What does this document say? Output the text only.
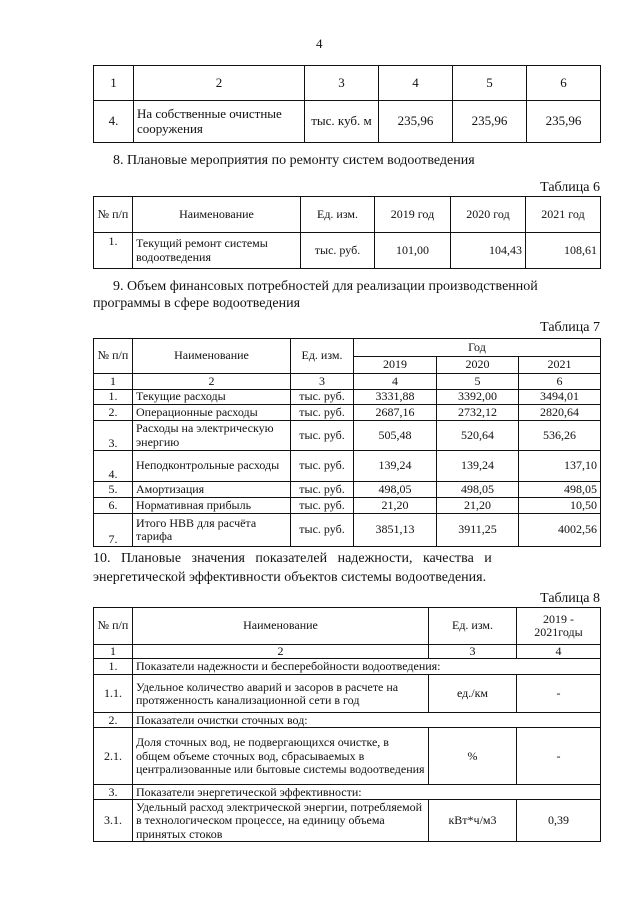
4
1	2	3	4	5	6
4.	На собственные очистные сооружения	тыс. куб. м	235,96	235,96	235,96
8. Плановые мероприятия по ремонту систем водоотведения
Таблица 6
№ п/п	Наименование	Ед. изм.	2019 год	2020 год	2021 год
1.	Текущий ремонт системы водоотведения	тыс. руб.	101,00	104,43	108,61
9. Объем финансовых потребностей для реализации производственной
программы в сфере водоотведения
Таблица 7
№ п/п	Наименование	Ед. изм.	Год		
			2019	2020	2021
1	2	3	4	5	6
1.	Текущие расходы	тыс. руб.	3331,88	3392,00	3494,01
2.	Операционные расходы	тыс. руб.	2687,16	2732,12	2820,64
3.	Расходы на электрическую энергию	тыс. руб.	505,48	520,64	536,26
4.	Неподконтрольные расходы	тыс. руб.	139,24	139,24	137,10
5.	Амортизация	тыс. руб.	498,05	498,05	498,05
6.	Нормативная прибыль	тыс. руб.	21,20	21,20	10,50
7.	Итого НВВ для расчёта тарифа	тыс. руб.	3851,13	3911,25	4002,56
10.   Плановые   значения   показателей   надежности,   качества   и
энергетической эффективности объектов системы водоотведения.
Таблица 8
№ п/п	Наименование	Ед. изм.	2019 - 2021годы
1	2	3	4
1.	Показатели надежности и бесперебойности водоотведения:		
1.1.	Удельное количество аварий и засоров в расчете на протяженность канализационной сети в год	ед./км	-
2.	Показатели очистки сточных вод:		
2.1.	Доля сточных вод, не подвергающихся очистке, в общем объеме сточных вод, сбрасываемых в централизованные или бытовые системы водоотведения	%	-
3.	Показатели энергетической эффективности:		
3.1.	Удельный расход электрической энергии, потребляемой в технологическом процессе, на единицу объема принятых стоков	кВт*ч/м3	0,39
